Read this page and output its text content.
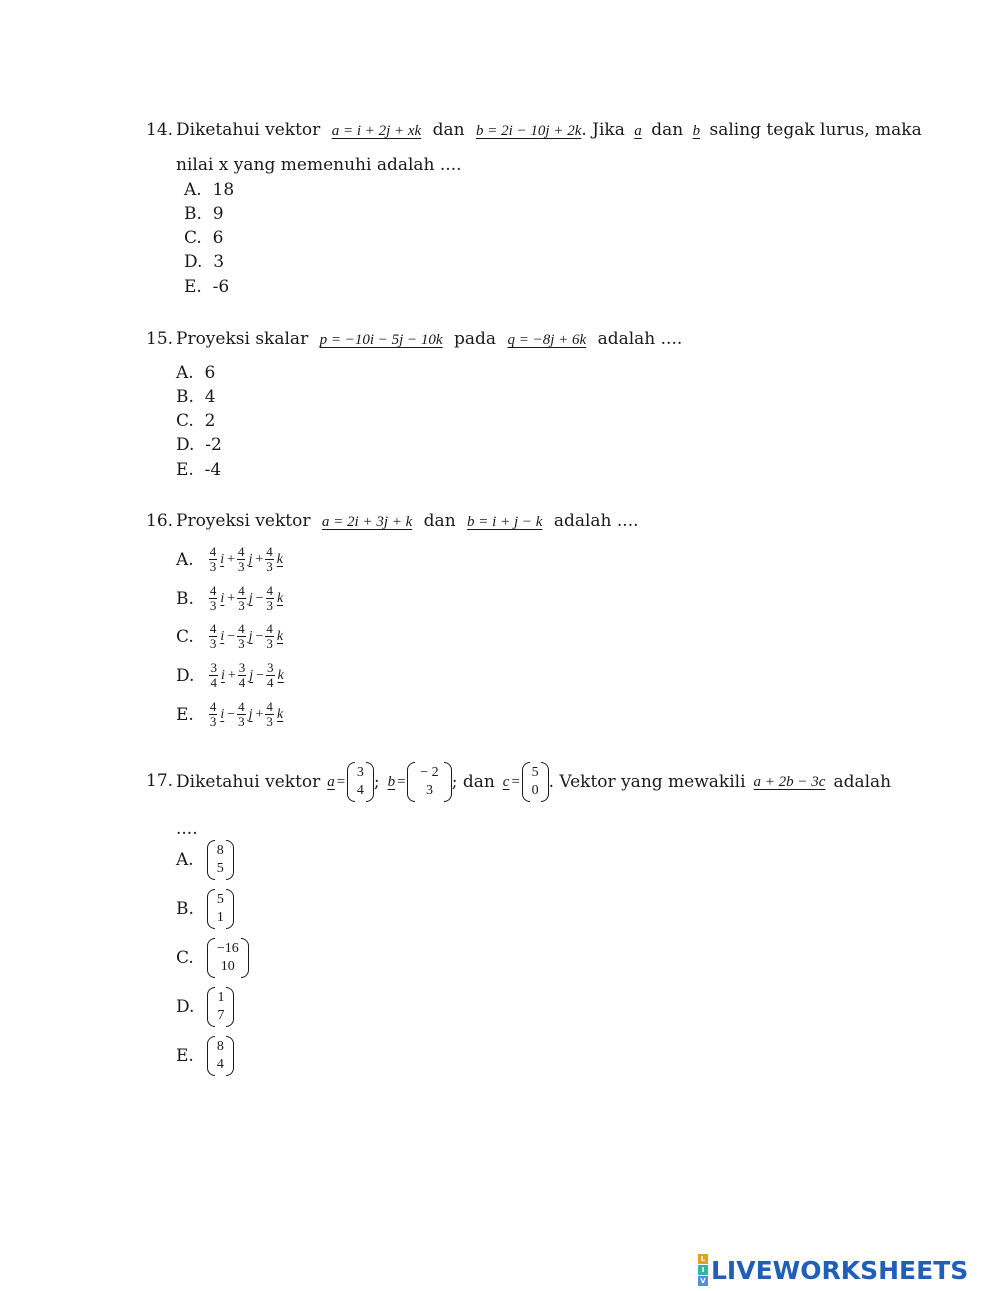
14. Diketahui vektor a = i + 2j + xk dan b = 2i − 10j + 2k. Jika a dan b saling tegak lurus, maka
nilai x yang memenuhi adalah ....
A. 18
B. 9
C. 6
D. 3
E. -6
15. Proyeksi skalar p = −10i − 5j − 10k pada q = −8j + 6k adalah ....
A. 6
B. 4
C. 2
D. -2
E. -4
16. Proyeksi vektor a = 2i + 3j + k dan b = i + j − k adalah ....
A. $\frac{4}{3}$ $i + \frac{4}{3}$ $j + \frac{4}{3}$ k
B. $\frac{4}{3}$ $i + \frac{4}{3}$ $j - \frac{4}{3}$ k
C. $\frac{4}{3}$ $i - \frac{4}{3}$ $j - \frac{4}{3}$ k
D. $\frac{3}{4}$ $i + \frac{3}{4}$ $j - \frac{3}{4}$ k
E. $\frac{4}{3}$ $i - \frac{4}{3}$ $j + \frac{4}{3}$ k
17. Diketahui vektor a =
3
4 ; b =
− 2
3 ; dan c =
5
0 . Vektor yang mewakili a + 2b − 3c adalah
....
A. 8
5
B. 5
1
C. −16
10
D. 1
7
E. 8
4
L
I
V LIVEWORKSHEETS
